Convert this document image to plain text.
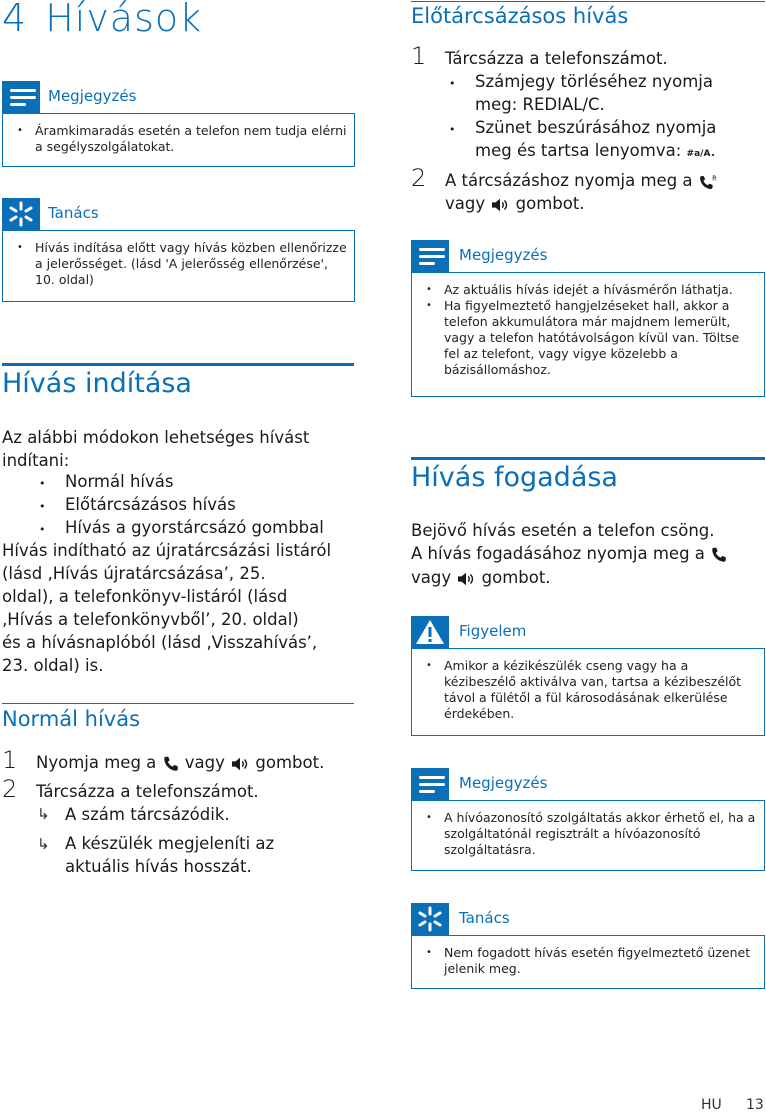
4 Hívások
Megjegyzés
• Áramkimaradás esetén a telefon nem tudja elérni a segélyszolgálatokat.
Tanács
• Hívás indítása előtt vagy hívás közben ellenőrizze a jelerősséget. (lásd 'A jelerősség ellenőrzése', 10. oldal)
Hívás indítása
Az alábbi módokon lehetséges hívást indítani:
• Normál hívás
• Előtárcsázásos hívás
• Hívás a gyorstárcsázó gombbal
Hívás indítható az újratárcsázási listáról
(lásd ‚Hívás újratárcsázása’, 25.
oldal), a telefonkönyv-listáról (lásd
‚Hívás a telefonkönyvből’, 20. oldal)
és a hívásnaplóból (lásd ‚Visszahívás’,
23. oldal) is.
Normál hívás
1 Nyomja meg a vagy gombot.
2 Tárcsázza a telefonszámot.
↳ A szám tárcsázódik.
↳ A készülék megjeleníti az
aktuális hívás hosszát.
Előtárcsázásos hívás
1 Tárcsázza a telefonszámot.
• Számjegy törléséhez nyomja
meg: REDIAL/C.
• Szünet beszúrásához nyomja
meg és tartsa lenyomva: #a/A.
2 A tárcsázáshoz nyomja meg a
vagy gombot.
Megjegyzés
• Az aktuális hívás idejét a hívásmérőn láthatja.
• Ha figyelmeztető hangjelzéseket hall, akkor a telefon akkumulátora már majdnem lemerült, vagy a telefon hatótávolságon kívül van. Töltse fel az telefont, vagy vigye közelebb a bázisállomáshoz.
Hívás fogadása
Bejövő hívás esetén a telefon csöng.
A hívás fogadásához nyomja meg a
vagy gombot.
Figyelem
• Amikor a kézikészülék cseng vagy ha a kézibeszélő aktiválva van, tartsa a kézibeszélőt távol a fülétől a fül károsodásának elkerülése érdekében.
Megjegyzés
• A hívóazonosító szolgáltatás akkor érhető el, ha a szolgáltatónál regisztrált a hívóazonosító szolgáltatásra.
Tanács
• Nem fogadott hívás esetén figyelmeztető üzenet jelenik meg.
HU 13
